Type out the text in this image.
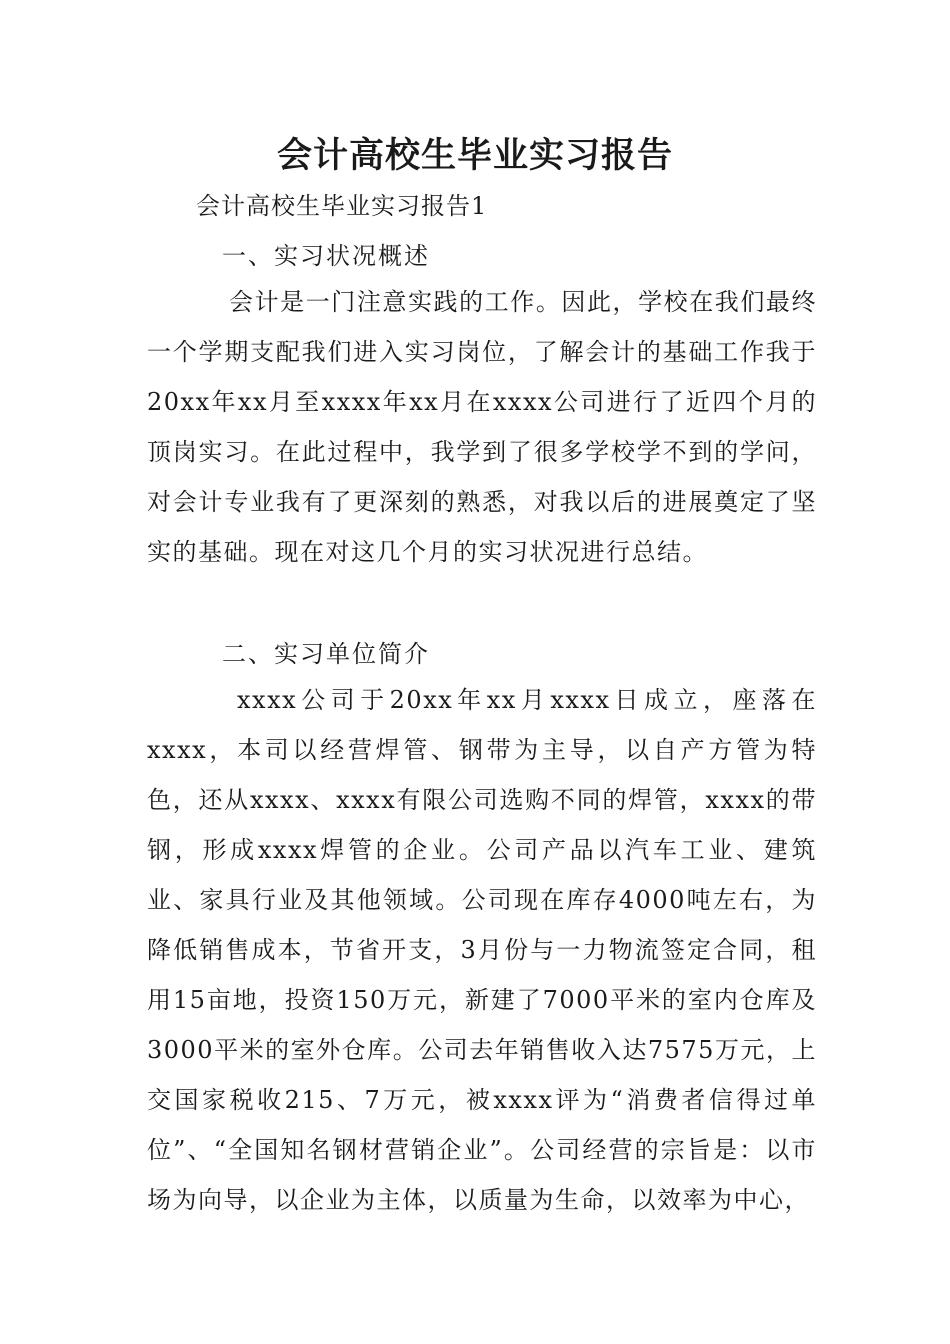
会计高校生毕业实习报告

会计高校生毕业实习报告1

一、实习状况概述

会计是一门注意实践的工作。因此，学校在我们最终一个学期支配我们进入实习岗位，了解会计的基础工作我于20xx年xx月至xxxx年xx月在xxxx公司进行了近四个月的顶岗实习。在此过程中，我学到了很多学校学不到的学问，对会计专业我有了更深刻的熟悉，对我以后的进展奠定了坚实的基础。现在对这几个月的实习状况进行总结。

二、实习单位简介

xxxx公司于20xx年xx月xxxx日成立，座落在xxxx，本司以经营焊管、钢带为主导，以自产方管为特色，还从xxxx、xxxx有限公司选购不同的焊管，xxxx的带钢，形成xxxx焊管的企业。公司产品以汽车工业、建筑业、家具行业及其他领域。公司现在库存4000吨左右，为降低销售成本，节省开支，3月份与一力物流签定合同，租用15亩地，投资150万元，新建了7000平米的室内仓库及3000平米的室外仓库。公司去年销售收入达7575万元，上交国家税收215、7万元，被xxxx评为“消费者信得过单位”、“全国知名钢材营销企业”。公司经营的宗旨是：以市场为向导，以企业为主体，以质量为生命，以效率为中心，
